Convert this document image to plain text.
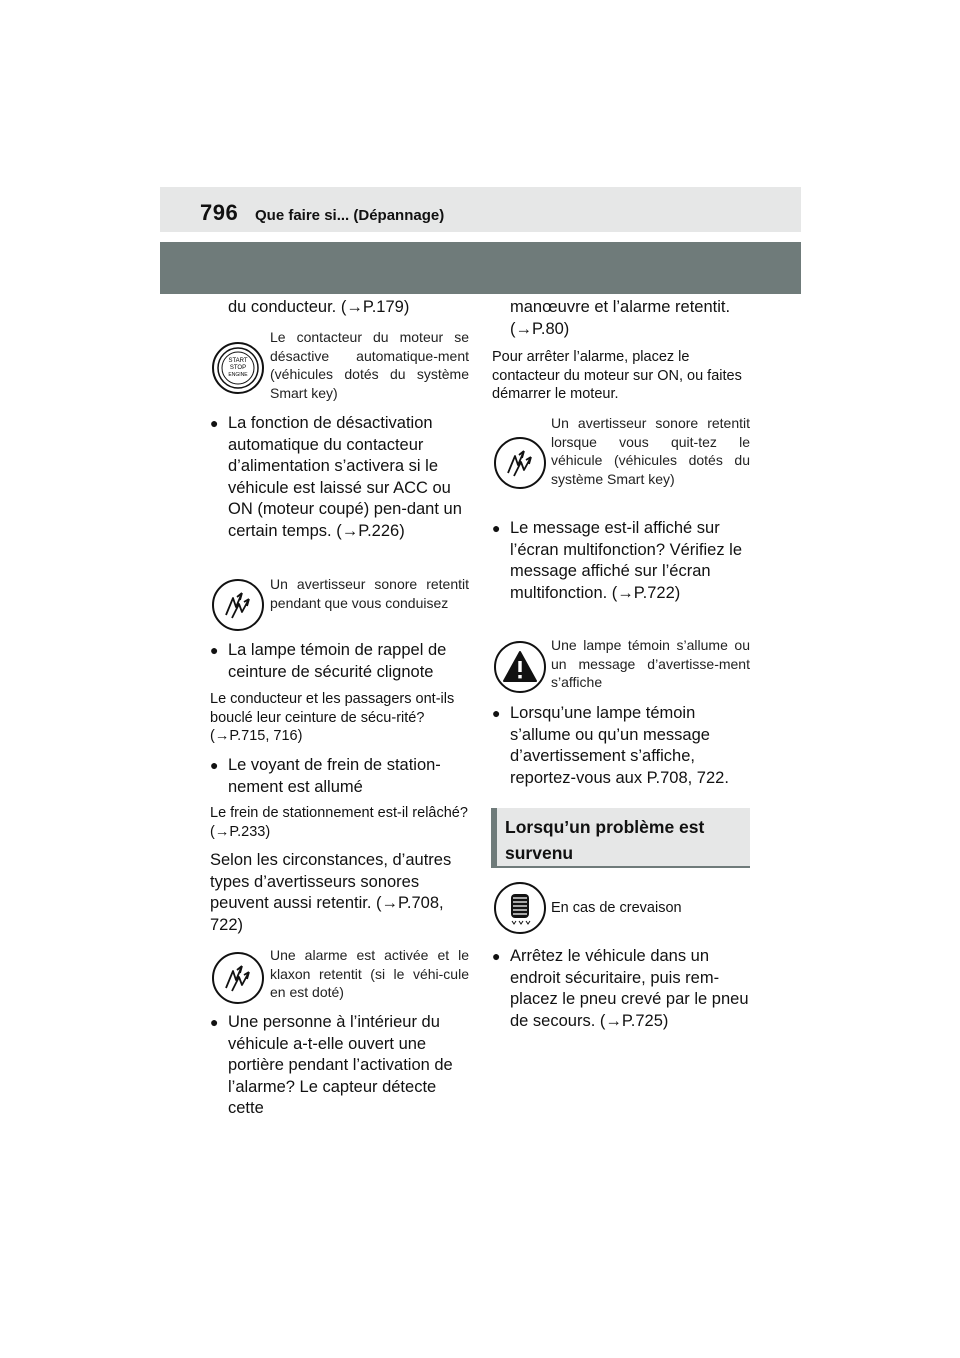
796 Que faire si... (Dépannage)
du conducteur. (→P.179)
START
STOP
ENGINE
Le contacteur du moteur se désactive automatique-ment (véhicules dotés du système Smart key)
● La fonction de désactivation automatique du contacteur d’alimentation s’activera si le véhicule est laissé sur ACC ou ON (moteur coupé) pen-dant un certain temps. (→P.226)
Un avertisseur sonore retentit pendant que vous conduisez
● La lampe témoin de rappel de ceinture de sécurité clignote
Le conducteur et les passagers ont-ils bouclé leur ceinture de sécu-rité? (→P.715, 716)
● Le voyant de frein de station-nement est allumé
Le frein de stationnement est-il relâché? (→P.233)
Selon les circonstances, d’autres types d’avertisseurs sonores peuvent aussi retentir. (→P.708, 722)
Une alarme est activée et le klaxon retentit (si le véhi-cule en est doté)
● Une personne à l’intérieur du véhicule a-t-elle ouvert une portière pendant l’activation de l’alarme? Le capteur détecte cette
manœuvre et l’alarme retentit. (→P.80)
Pour arrêter l’alarme, placez le contacteur du moteur sur ON, ou faites démarrer le moteur.
Un avertisseur sonore retentit lorsque vous quit-tez le véhicule (véhicules dotés du système Smart key)
● Le message est-il affiché sur l’écran multifonction? Vérifiez le message affiché sur l’écran multifonction. (→P.722)
Une lampe témoin s’allume ou un message d’avertisse-ment s’affiche
● Lorsqu’une lampe témoin s’allume ou qu’un message d’avertissement s’affiche, reportez-vous aux P.708, 722.
Lorsqu’un problème est survenu
En cas de crevaison
● Arrêtez le véhicule dans un endroit sécuritaire, puis rem-placez le pneu crevé par le pneu de secours. (→P.725)
